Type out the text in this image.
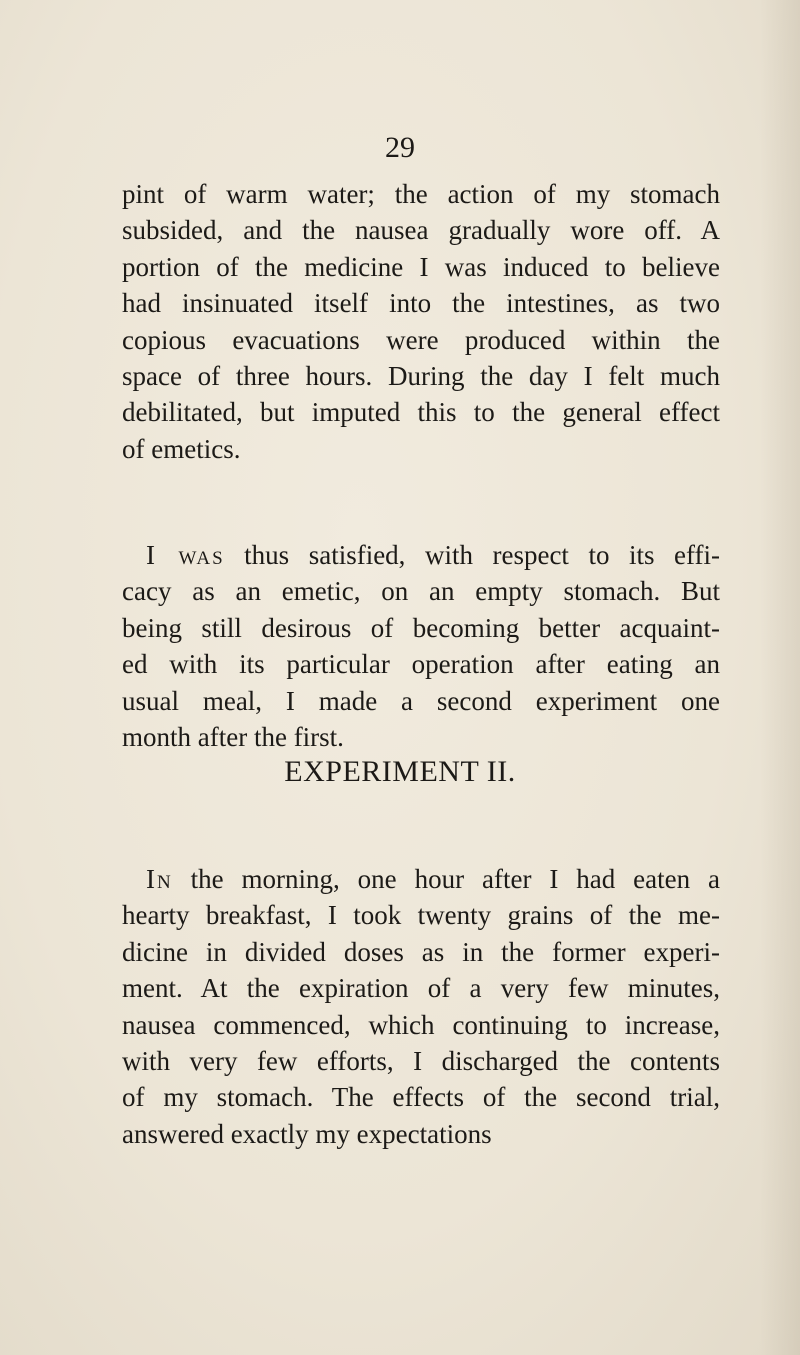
29
pint of warm water; the action of my stomach
subsided, and the nausea gradually wore off. A
portion of the medicine I was induced to believe
had insinuated itself into the intestines, as two
copious evacuations were produced within the
space of three hours. During the day I felt much
debilitated, but imputed this to the general effect
of emetics.
I was thus satisfied, with respect to its effi-
cacy as an emetic, on an empty stomach. But
being still desirous of becoming better acquaint-
ed with its particular operation after eating an
usual meal, I made a second experiment one
month after the first.
EXPERIMENT II.
In the morning, one hour after I had eaten a
hearty breakfast, I took twenty grains of the me-
dicine in divided doses as in the former experi-
ment. At the expiration of a very few minutes,
nausea commenced, which continuing to increase,
with very few efforts, I discharged the contents
of my stomach. The effects of the second trial,
answered exactly my expectations
